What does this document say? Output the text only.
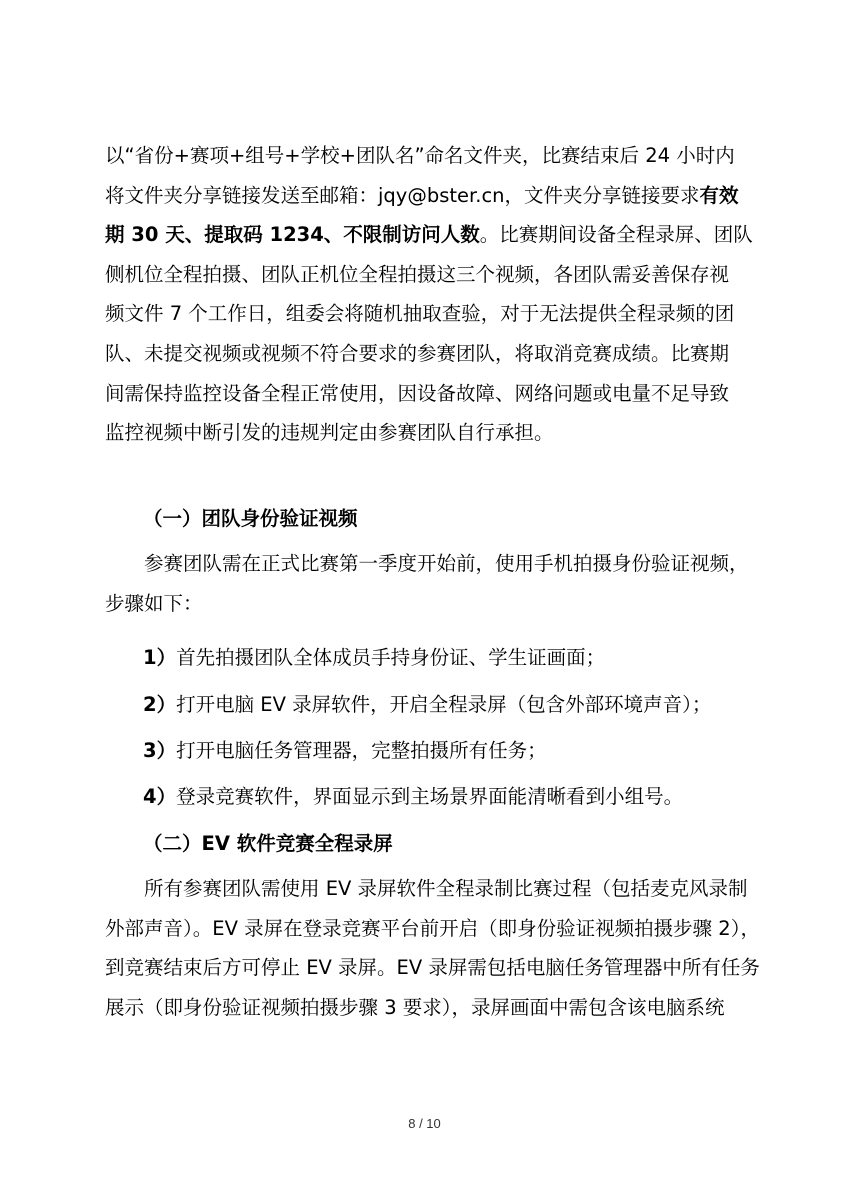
以“省份+赛项+组号+学校+团队名”命名文件夹，比赛结束后 24 小时内
将文件夹分享链接发送至邮箱：jqy@bster.cn，文件夹分享链接要求有效
期 30 天、提取码 1234、不限制访问人数。比赛期间设备全程录屏、团队
侧机位全程拍摄、团队正机位全程拍摄这三个视频，各团队需妥善保存视
频文件 7 个工作日，组委会将随机抽取查验，对于无法提供全程录频的团
队、未提交视频或视频不符合要求的参赛团队，将取消竞赛成绩。比赛期
间需保持监控设备全程正常使用，因设备故障、网络问题或电量不足导致
监控视频中断引发的违规判定由参赛团队自行承担。
（一）团队身份验证视频
参赛团队需在正式比赛第一季度开始前，使用手机拍摄身份验证视频，
步骤如下：
1）首先拍摄团队全体成员手持身份证、学生证画面；
2）打开电脑 EV 录屏软件，开启全程录屏（包含外部环境声音）；
3）打开电脑任务管理器，完整拍摄所有任务；
4）登录竞赛软件，界面显示到主场景界面能清晰看到小组号。
（二）EV 软件竞赛全程录屏
所有参赛团队需使用 EV 录屏软件全程录制比赛过程（包括麦克风录制
外部声音）。EV 录屏在登录竞赛平台前开启（即身份验证视频拍摄步骤 2），
到竞赛结束后方可停止 EV 录屏。EV 录屏需包括电脑任务管理器中所有任务
展示（即身份验证视频拍摄步骤 3 要求），录屏画面中需包含该电脑系统
8 / 10
